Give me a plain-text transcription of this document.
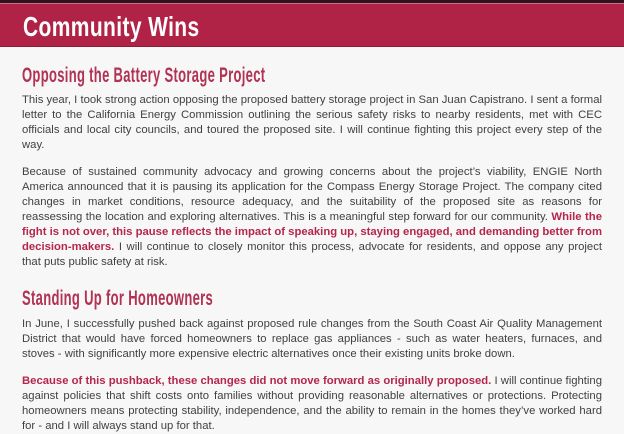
Community Wins
Opposing the Battery Storage Project

This year, I took strong action opposing the proposed battery storage project in San Juan Capistrano. I sent a formal letter to the California Energy Commission outlining the serious safety risks to nearby residents, met with CEC officials and local city councils, and toured the proposed site. I will continue fighting this project every step of the way.

Because of sustained community advocacy and growing concerns about the project’s viability, ENGIE North America announced that it is pausing its application for the Compass Energy Storage Project. The company cited changes in market conditions, resource adequacy, and the suitability of the proposed site as reasons for reassessing the location and exploring alternatives. This is a meaningful step forward for our community. While the fight is not over, this pause reflects the impact of speaking up, staying engaged, and demanding better from decision-makers. I will continue to closely monitor this process, advocate for residents, and oppose any project that puts public safety at risk.

Standing Up for Homeowners

In June, I successfully pushed back against proposed rule changes from the South Coast Air Quality Management District that would have forced homeowners to replace gas appliances - such as water heaters, furnaces, and stoves - with significantly more expensive electric alternatives once their existing units broke down.

Because of this pushback, these changes did not move forward as originally proposed. I will continue fighting against policies that shift costs onto families without providing reasonable alternatives or protections. Protecting homeowners means protecting stability, independence, and the ability to remain in the homes they’ve worked hard for - and I will always stand up for that.
